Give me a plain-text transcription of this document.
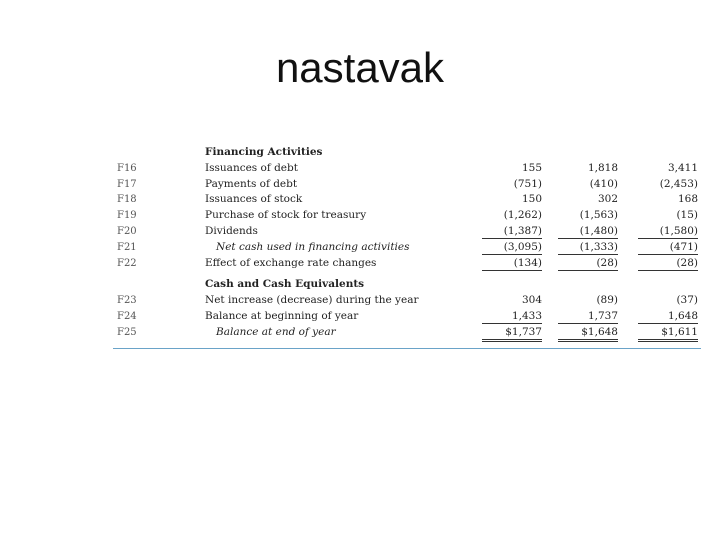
nastavak
Financing Activities
F16	Issuances of debt	155	1,818	3,411
F17	Payments of debt	(751)	(410)	(2,453)
F18	Issuances of stock	150	302	168
F19	Purchase of stock for treasury	(1,262)	(1,563)	(15)
F20	Dividends	(1,387)	(1,480)	(1,580)
F21	Net cash used in financing activities	(3,095)	(1,333)	(471)
F22	Effect of exchange rate changes	(134)	(28)	(28)
Cash and Cash Equivalents
F23	Net increase (decrease) during the year	304	(89)	(37)
F24	Balance at beginning of year	1,433	1,737	1,648
F25	Balance at end of year	$1,737	$1,648	$1,611
